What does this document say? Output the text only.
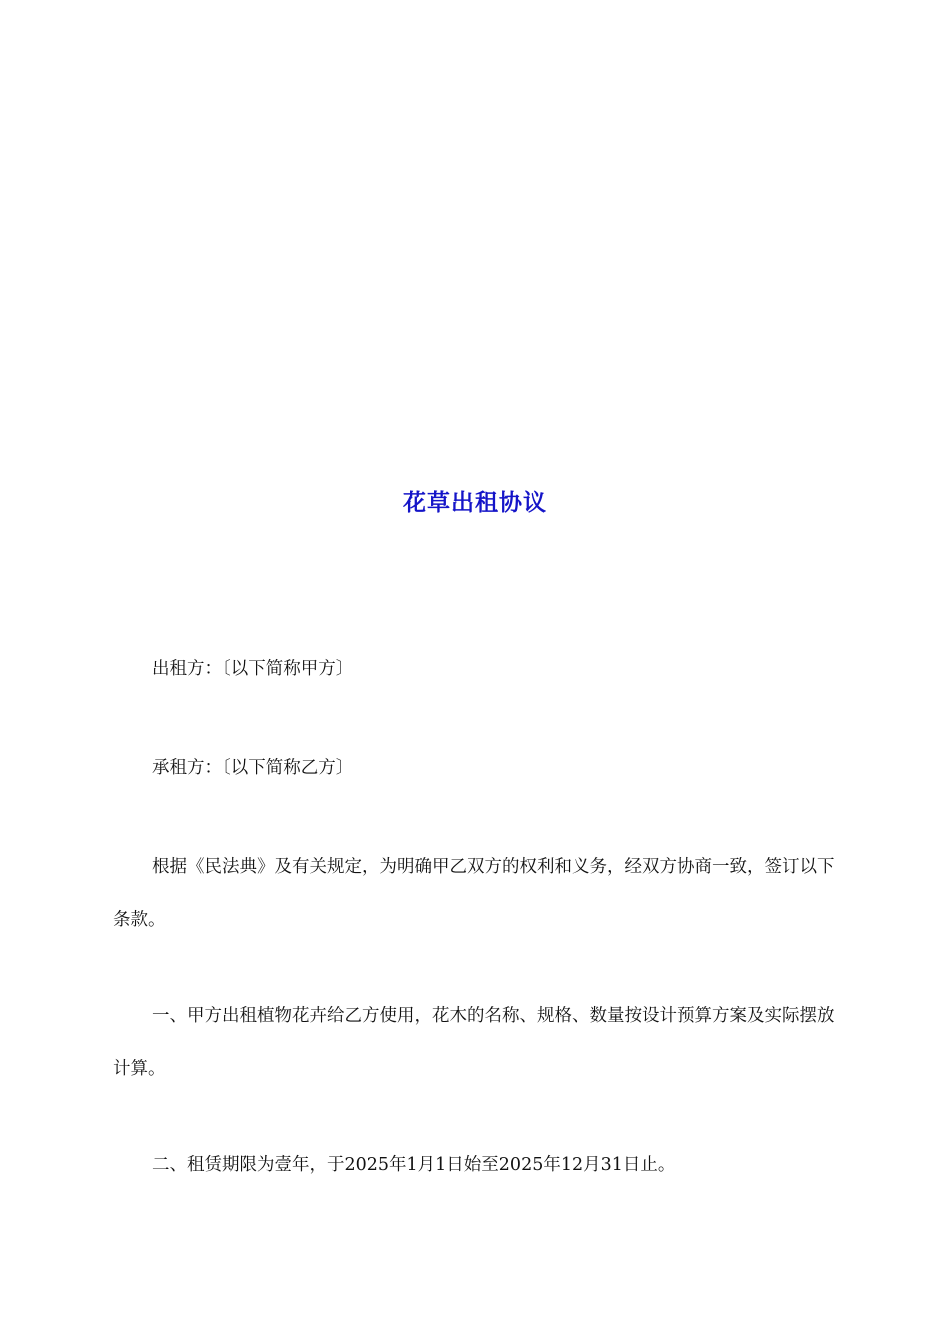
花草出租协议

出租方：〔以下简称甲方〕

承租方：〔以下简称乙方〕

根据《民法典》及有关规定，为明确甲乙双方的权利和义务，经双方协商一致，签订以下条款。

一、甲方出租植物花卉给乙方使用，花木的名称、规格、数量按设计预算方案及实际摆放计算。

二、租赁期限为壹年，于2025年1月1日始至2025年12月31日止。
